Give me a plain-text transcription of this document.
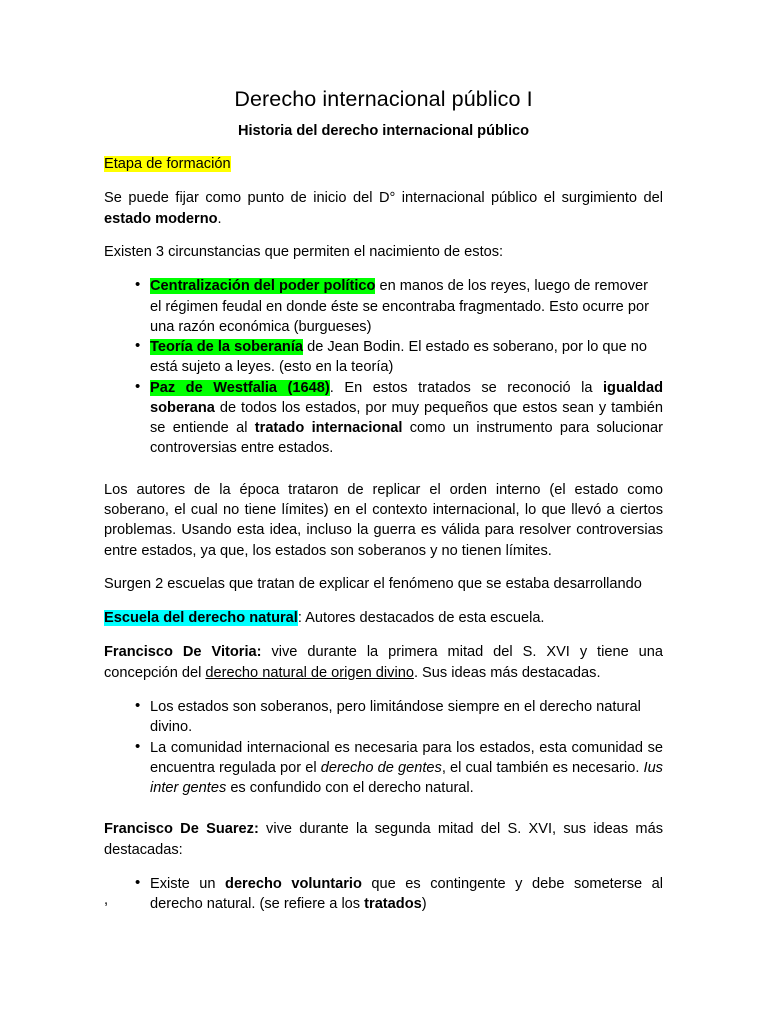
Derecho internacional público I
Historia del derecho internacional público

Etapa de formación

Se puede fijar como punto de inicio del D° internacional público el surgimiento del estado moderno.

Existen 3 circunstancias que permiten el nacimiento de estos:

• Centralización del poder político en manos de los reyes, luego de remover el régimen feudal en donde éste se encontraba fragmentado. Esto ocurre por una razón económica (burgueses)
• Teoría de la soberanía de Jean Bodin. El estado es soberano, por lo que no está sujeto a leyes. (esto en la teoría)
• Paz de Westfalia (1648). En estos tratados se reconoció la igualdad soberana de todos los estados, por muy pequeños que estos sean y también se entiende al tratado internacional como un instrumento para solucionar controversias entre estados.

Los autores de la época trataron de replicar el orden interno (el estado como soberano, el cual no tiene límites) en el contexto internacional, lo que llevó a ciertos problemas. Usando esta idea, incluso la guerra es válida para resolver controversias entre estados, ya que, los estados son soberanos y no tienen límites.

Surgen 2 escuelas que tratan de explicar el fenómeno que se estaba desarrollando

Escuela del derecho natural: Autores destacados de esta escuela.

Francisco De Vitoria: vive durante la primera mitad del S. XVI y tiene una concepción del derecho natural de origen divino. Sus ideas más destacadas.

• Los estados son soberanos, pero limitándose siempre en el derecho natural divino.
• La comunidad internacional es necesaria para los estados, esta comunidad se encuentra regulada por el derecho de gentes, el cual también es necesario. Ius inter gentes es confundido con el derecho natural.

Francisco De Suarez: vive durante la segunda mitad del S. XVI, sus ideas más destacadas:

• Existe un derecho voluntario que es contingente y debe someterse al derecho natural. (se refiere a los tratados)
,
